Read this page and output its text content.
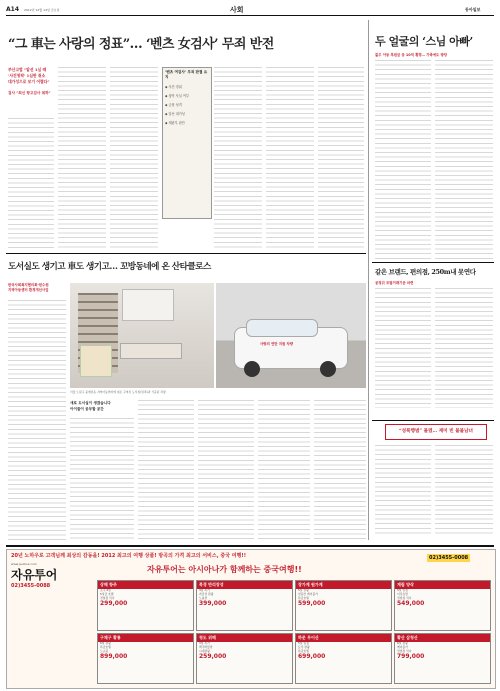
A14 2012년 12월 14일 금요일	사회	동아일보
“그 車는 사랑의 정표”… ‘벤츠 女검사’ 무죄 반전
부산고법 “알선 1심 때
‘사건청탁’ 1심판 취소
대가성으로 보기 어렵다”
검사 “최신 항고검사 취하”
‘벤츠 여검사’ 무죄 판결 요지
◆ 사건 경위
◆ 청탁 사실 여부
◆ 금품 성격
◆ 알선 대가성
◆ 재판부 판단
두 얼굴의 ‘스님 아빠’
불우 아동 후원금 등 10억 횡령… 가족에도 방탕
같은 브랜드, 편의점, 250m내 못연다
공정위 모범거래기준 마련
“성폭행범” 몰렸… 재미 빈 불불남녀
도서실도 생기고 車도 생기고… 꼬방동네에 온 산타클로스
한국사회복지협의회-한수원
지역아동센터 환경개선사업
사랑의 연탄 지원 차량
서울 노원구 중계본동 지역아동센터에 새로 꾸며진 도서실(왼쪽)과 기증된 차량.
새로 도서실이 생겼습니다
아이들이 공부할 공간
20년 노하우로 고객님께 최상의 감동을! 2012 최고의 여행 상품! 방곡의 가격 최고의 서비스, 중국 여행!!
www.jautour.com
자유투어
02)3455-0088
자유투어는 아시아나가 함께하는 중국여행!!
02)3455-0008
상해 항주
소주 4일
5성급 호텔
전일정 식사
299,000
북경 만리장성
4일 특가
자금성 관광
노옵션
399,000
장가계 원가계
5일 관광
천문산 케이블카
특급호텔
599,000
계림 양삭
5일 일정
이강유람
전일정 식사
549,000
구채구 황룡
6일 관광
특급호텔
노쇼핑
899,000
청도 위해
3일 특가
맥주박물관
시내관광
259,000
하문 무이산
5일 일정
토루 관광
특급호텔
699,000
황산 삼청산
6일 관광
케이블카
전일정 식사
799,000
